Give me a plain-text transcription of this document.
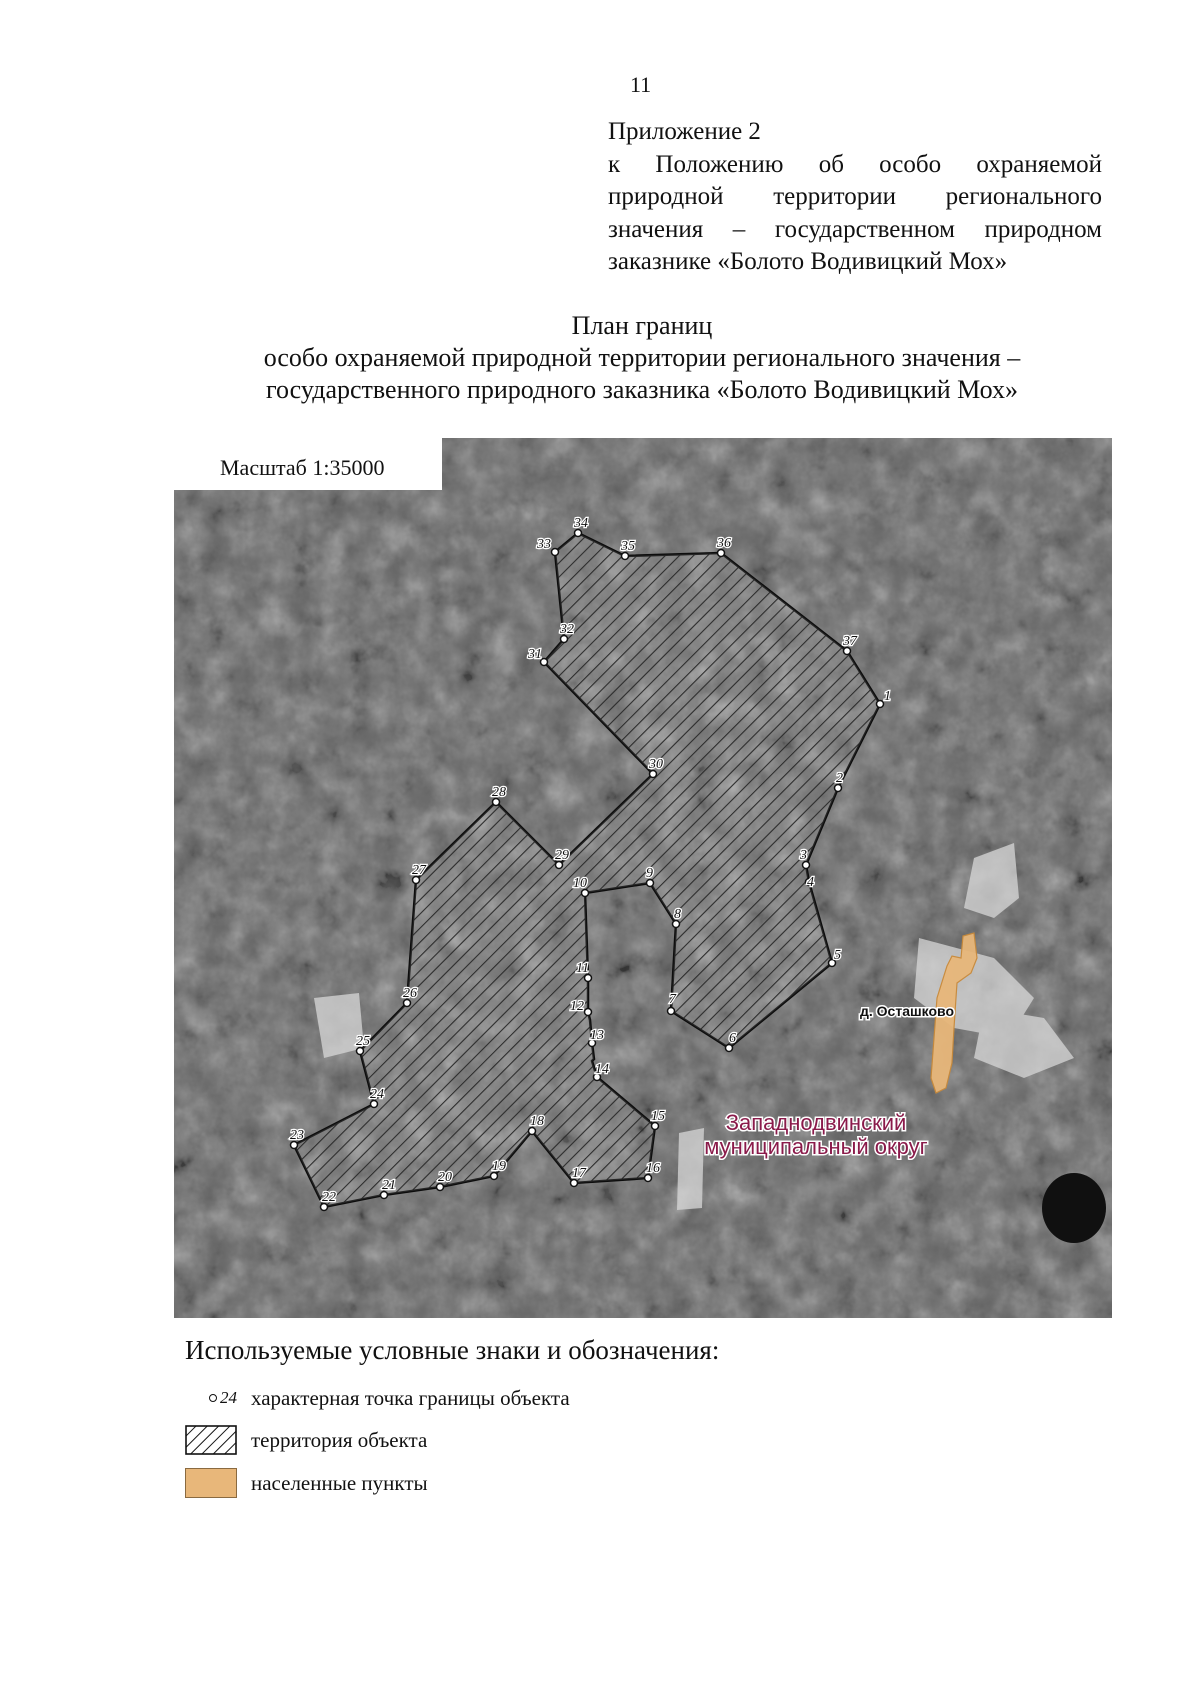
11
Приложение 2
к Положению об особо охраняемой
природной территории регионального
значения – государственном природном
заказнике «Болото Водивицкий Мох»
План границ
особо охраняемой природной территории регионального значения –
государственного природного заказника «Болото Водивицкий Мох»
1
2
3
4
5
6
7
8
9
10
11
12
13
14
15
16
17
18
19
20
21
22
23
24
25
26
27
28
29
30
31
32
33
34
35	36
37
Масштаб 1:35000
д. Осташково
Западнодвинский
муниципальный округ
Используемые условные знаки и обозначения:
24 характерная точка границы объекта
территория объекта
населенные пункты
